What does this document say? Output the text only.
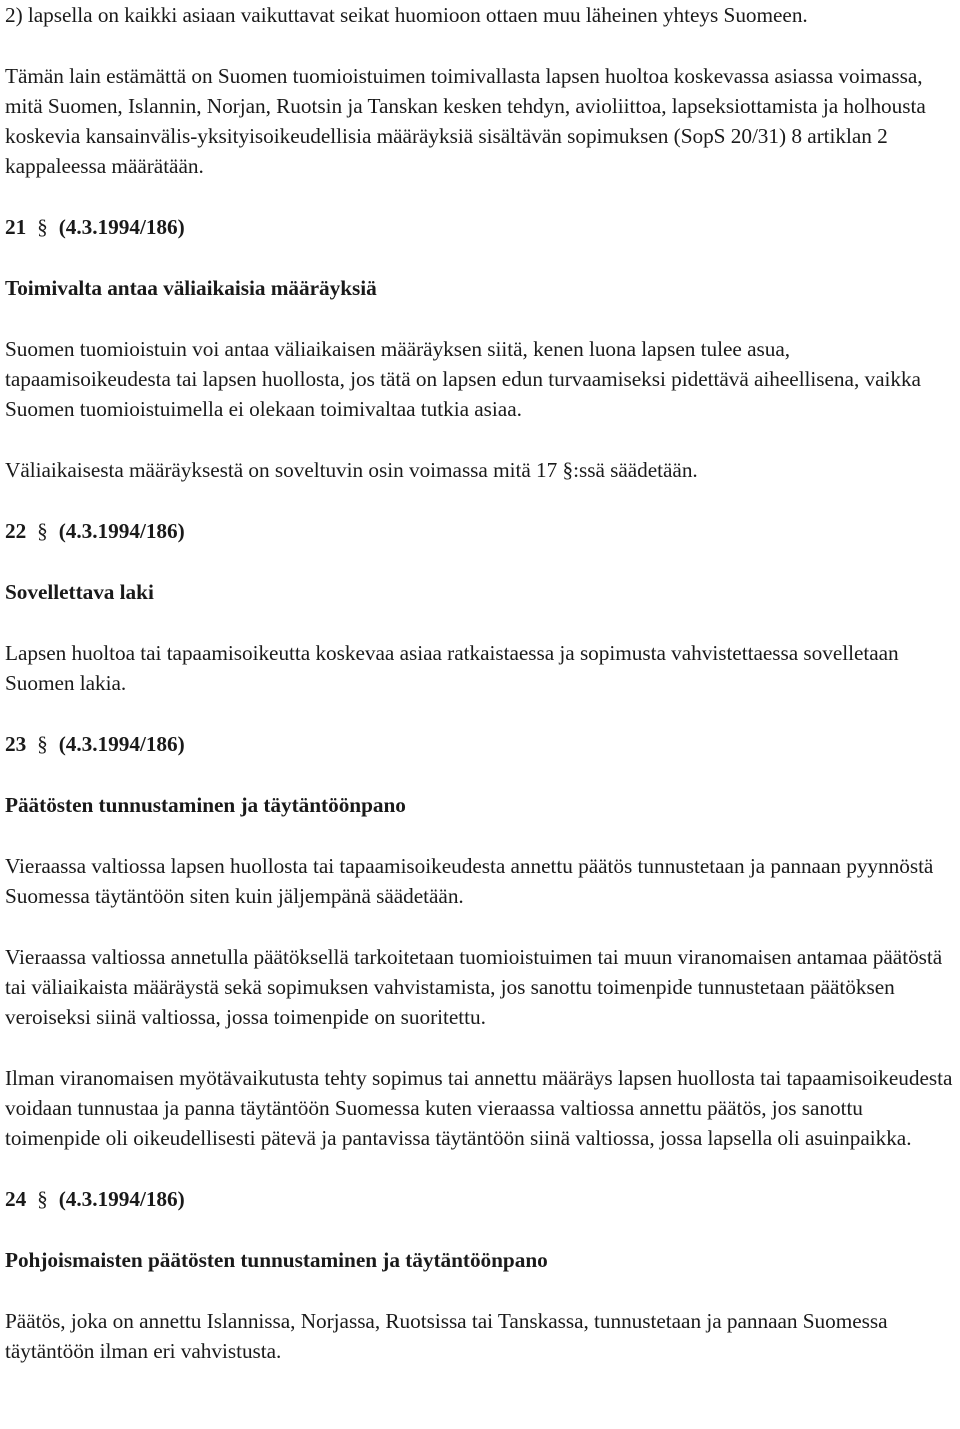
2) lapsella on kaikki asiaan vaikuttavat seikat huomioon ottaen muu läheinen yhteys Suomeen.

Tämän lain estämättä on Suomen tuomioistuimen toimivallasta lapsen huoltoa koskevassa asiassa voimassa, mitä Suomen, Islannin, Norjan, Ruotsin ja Tanskan kesken tehdyn, avioliittoa, lapseksiottamista ja holhousta koskevia kansainvälis-yksityisoikeudellisia määräyksiä sisältävän sopimuksen (SopS 20/31) 8 artiklan 2 kappaleessa määrätään.

21 § (4.3.1994/186)

Toimivalta antaa väliaikaisia määräyksiä

Suomen tuomioistuin voi antaa väliaikaisen määräyksen siitä, kenen luona lapsen tulee asua, tapaamisoikeudesta tai lapsen huollosta, jos tätä on lapsen edun turvaamiseksi pidettävä aiheellisena, vaikka Suomen tuomioistuimella ei olekaan toimivaltaa tutkia asiaa.

Väliaikaisesta määräyksestä on soveltuvin osin voimassa mitä 17 §:ssä säädetään.

22 § (4.3.1994/186)

Sovellettava laki

Lapsen huoltoa tai tapaamisoikeutta koskevaa asiaa ratkaistaessa ja sopimusta vahvistettaessa sovelletaan Suomen lakia.

23 § (4.3.1994/186)

Päätösten tunnustaminen ja täytäntöönpano

Vieraassa valtiossa lapsen huollosta tai tapaamisoikeudesta annettu päätös tunnustetaan ja pannaan pyynnöstä Suomessa täytäntöön siten kuin jäljempänä säädetään.

Vieraassa valtiossa annetulla päätöksellä tarkoitetaan tuomioistuimen tai muun viranomaisen antamaa päätöstä tai väliaikaista määräystä sekä sopimuksen vahvistamista, jos sanottu toimenpide tunnustetaan päätöksen veroiseksi siinä valtiossa, jossa toimenpide on suoritettu.

Ilman viranomaisen myötävaikutusta tehty sopimus tai annettu määräys lapsen huollosta tai tapaamisoikeudesta voidaan tunnustaa ja panna täytäntöön Suomessa kuten vieraassa valtiossa annettu päätös, jos sanottu toimenpide oli oikeudellisesti pätevä ja pantavissa täytäntöön siinä valtiossa, jossa lapsella oli asuinpaikka.

24 § (4.3.1994/186)

Pohjoismaisten päätösten tunnustaminen ja täytäntöönpano

Päätös, joka on annettu Islannissa, Norjassa, Ruotsissa tai Tanskassa, tunnustetaan ja pannaan Suomessa täytäntöön ilman eri vahvistusta.
